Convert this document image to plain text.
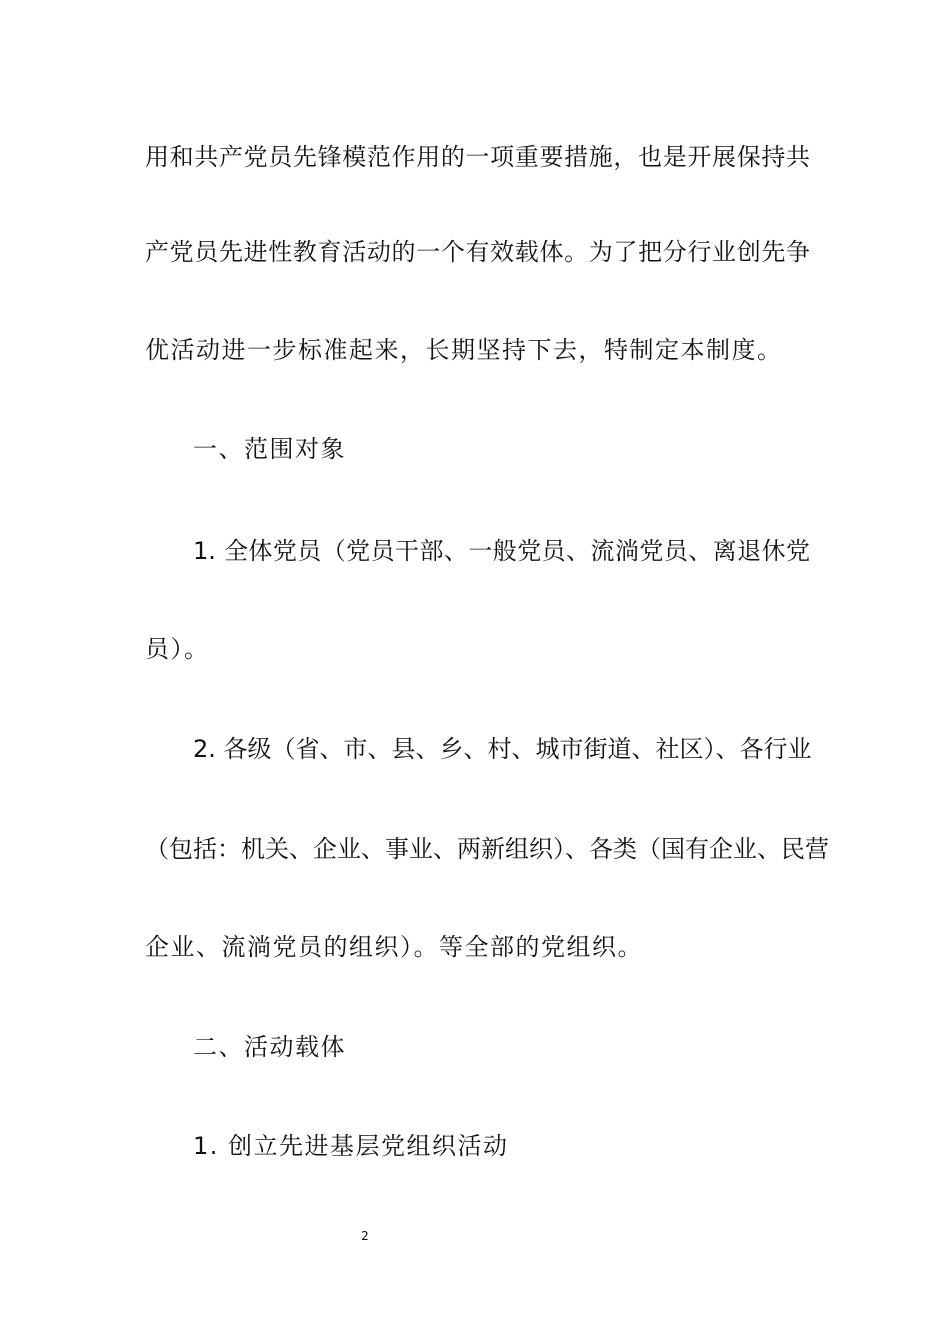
用和共产党员先锋模范作用的一项重要措施，也是开展保持共
产党员先进性教育活动的一个有效载体。为了把分行业创先争
优活动进一步标准起来，长期坚持下去，特制定本制度。
一、范围对象
1. 全体党员（党员干部、一般党员、流淌党员、离退休党
员）。
2. 各级（省、市、县、乡、村、城市街道、社区）、各行业
（包括：机关、企业、事业、两新组织）、各类（国有企业、民营
企业、流淌党员的组织）。等全部的党组织。
二、活动载体
1. 创立先进基层党组织活动
2
